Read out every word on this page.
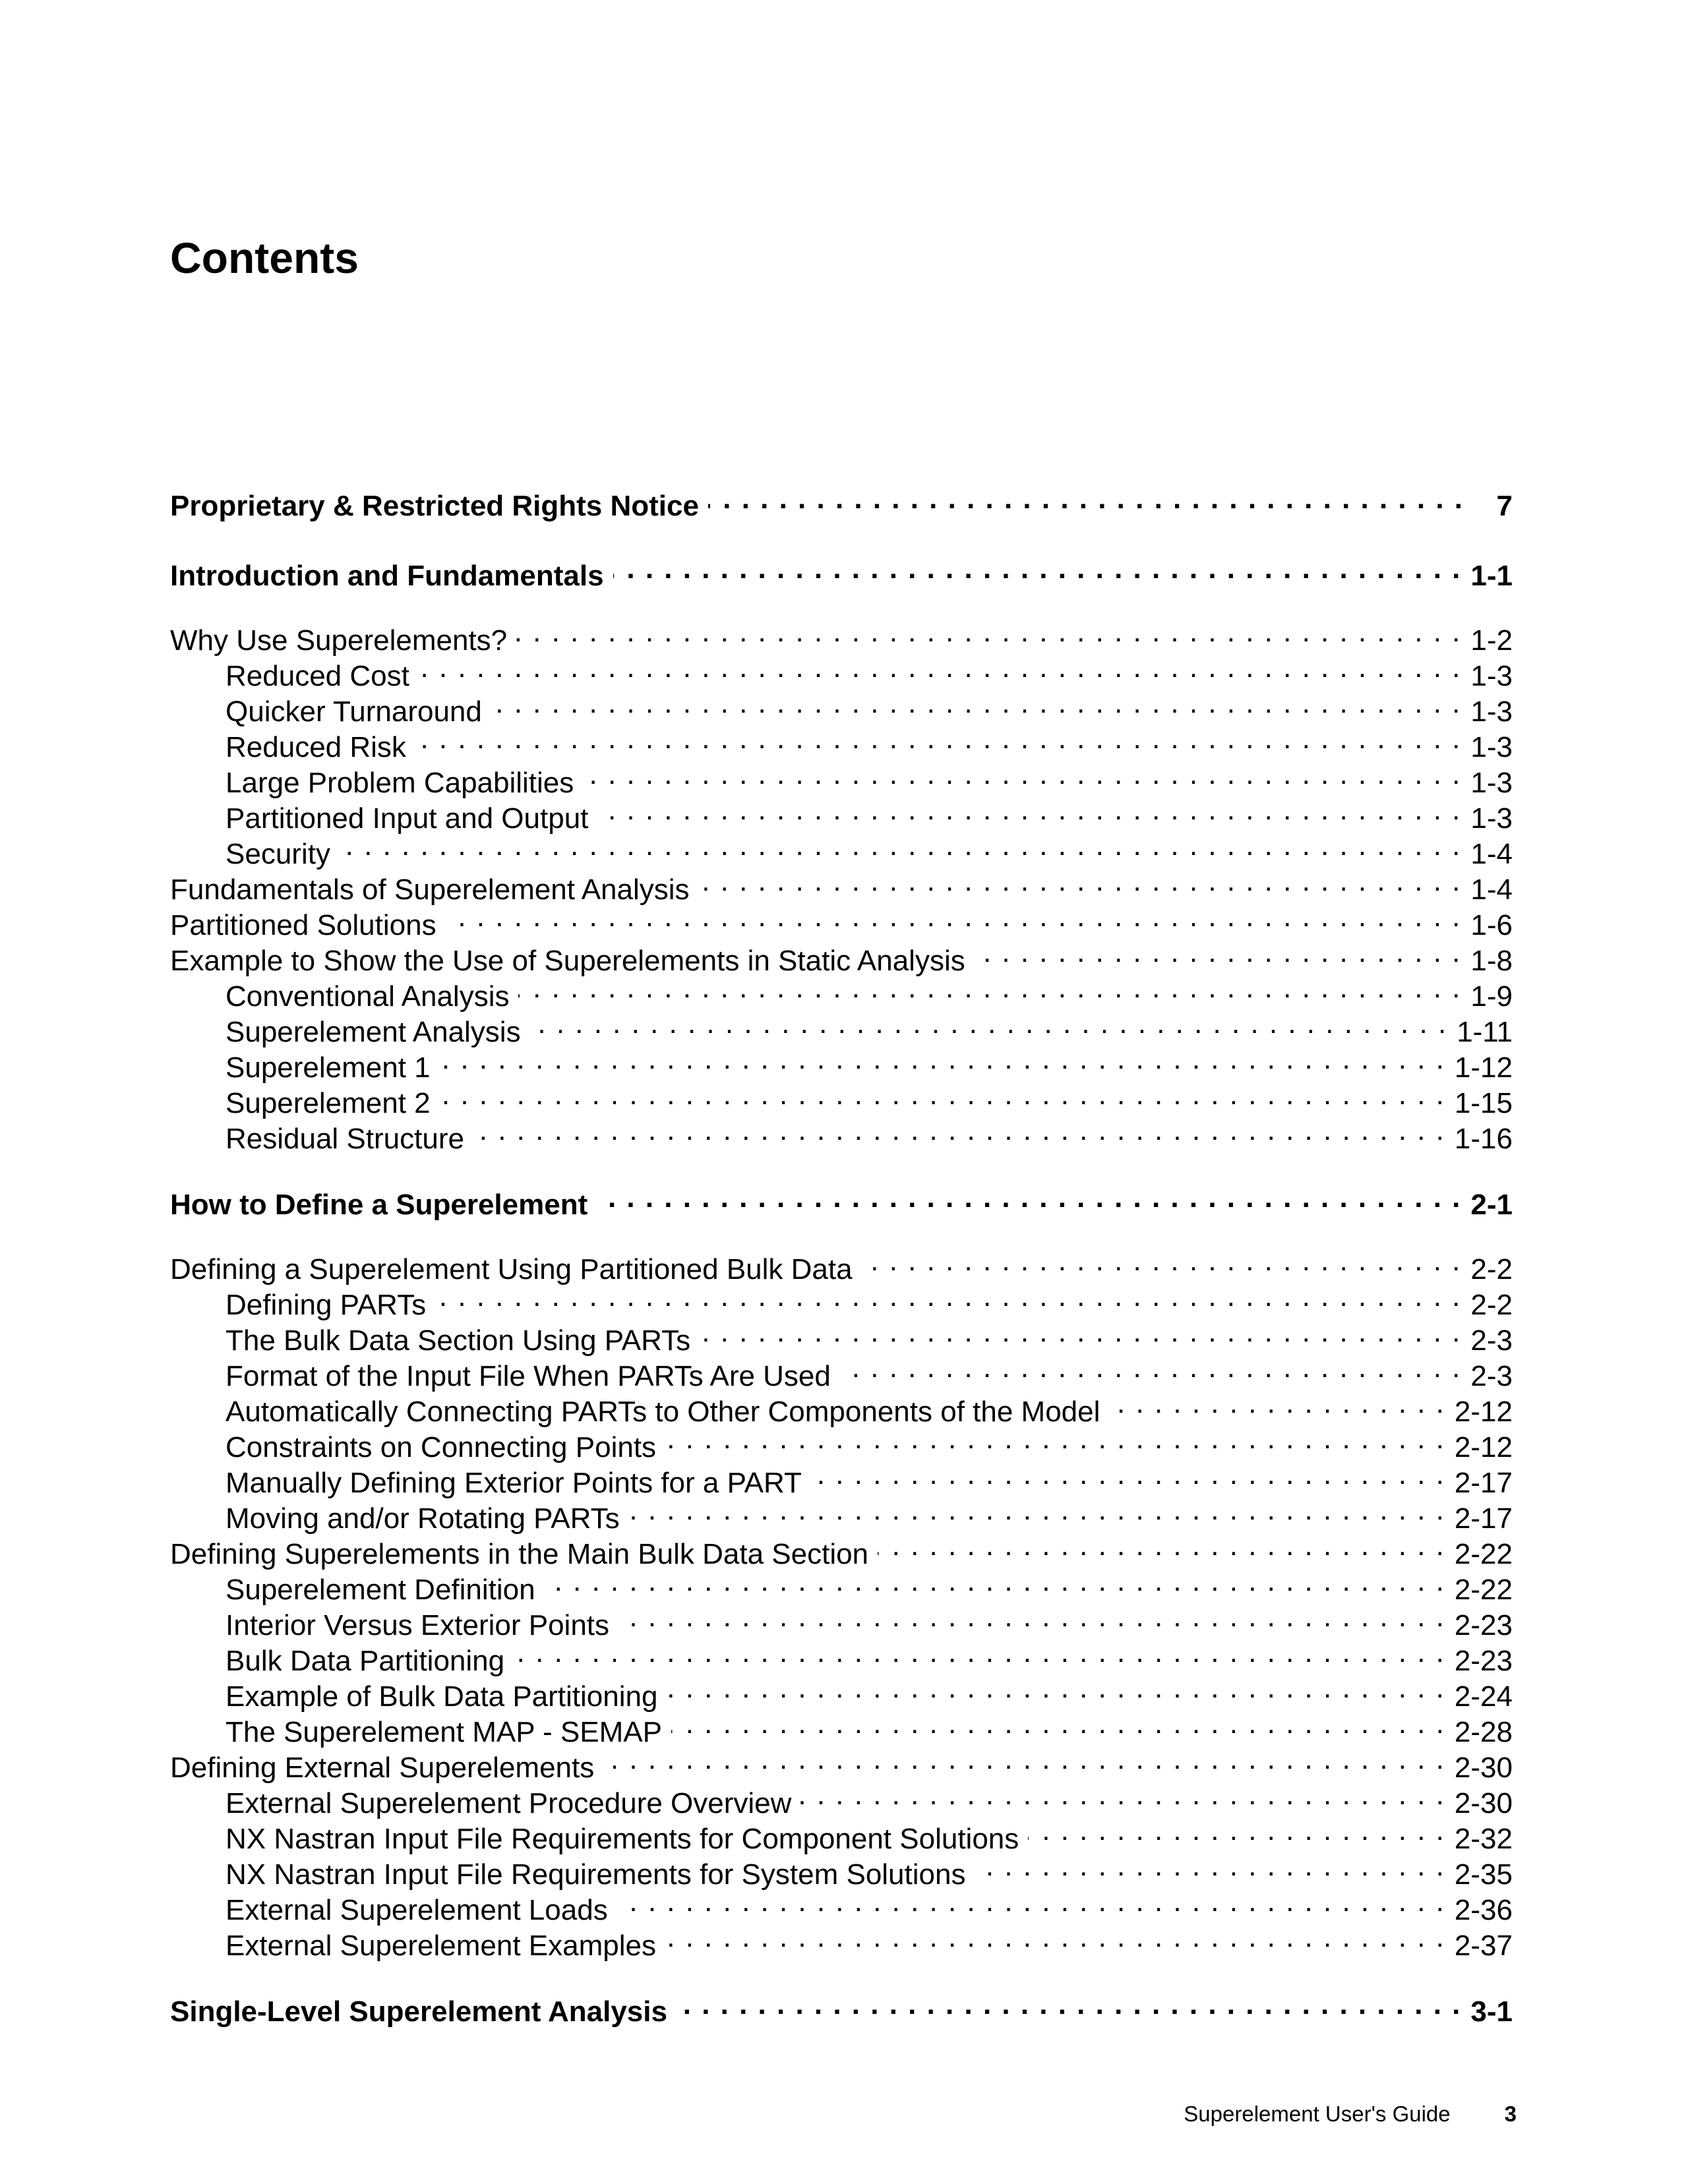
Contents
Proprietary & Restricted Rights Notice . . .	7
Introduction and Fundamentals . . .	1-1
Why Use Superelements? . . .	1-2
Reduced Cost . . .	1-3
Quicker Turnaround . . .	1-3
Reduced Risk . . .	1-3
Large Problem Capabilities . . .	1-3
Partitioned Input and Output . . .	1-3
Security . . .	1-4
Fundamentals of Superelement Analysis . . .	1-4
Partitioned Solutions . . .	1-6
Example to Show the Use of Superelements in Static Analysis . . .	1-8
Conventional Analysis . . .	1-9
Superelement Analysis . . .	1-11
Superelement 1 . . .	1-12
Superelement 2 . . .	1-15
Residual Structure . . .	1-16
How to Define a Superelement . . .	2-1
Defining a Superelement Using Partitioned Bulk Data . . .	2-2
Defining PARTs . . .	2-2
The Bulk Data Section Using PARTs . . .	2-3
Format of the Input File When PARTs Are Used . . .	2-3
Automatically Connecting PARTs to Other Components of the Model . . .	2-12
Constraints on Connecting Points . . .	2-12
Manually Defining Exterior Points for a PART . . .	2-17
Moving and/or Rotating PARTs . . .	2-17
Defining Superelements in the Main Bulk Data Section . . .	2-22
Superelement Definition . . .	2-22
Interior Versus Exterior Points . . .	2-23
Bulk Data Partitioning . . .	2-23
Example of Bulk Data Partitioning . . .	2-24
The Superelement MAP - SEMAP . . .	2-28
Defining External Superelements . . .	2-30
External Superelement Procedure Overview . . .	2-30
NX Nastran Input File Requirements for Component Solutions . . .	2-32
NX Nastran Input File Requirements for System Solutions . . .	2-35
External Superelement Loads . . .	2-36
External Superelement Examples . . .	2-37
Single-Level Superelement Analysis . . .	3-1
Superelement User's Guide 3
